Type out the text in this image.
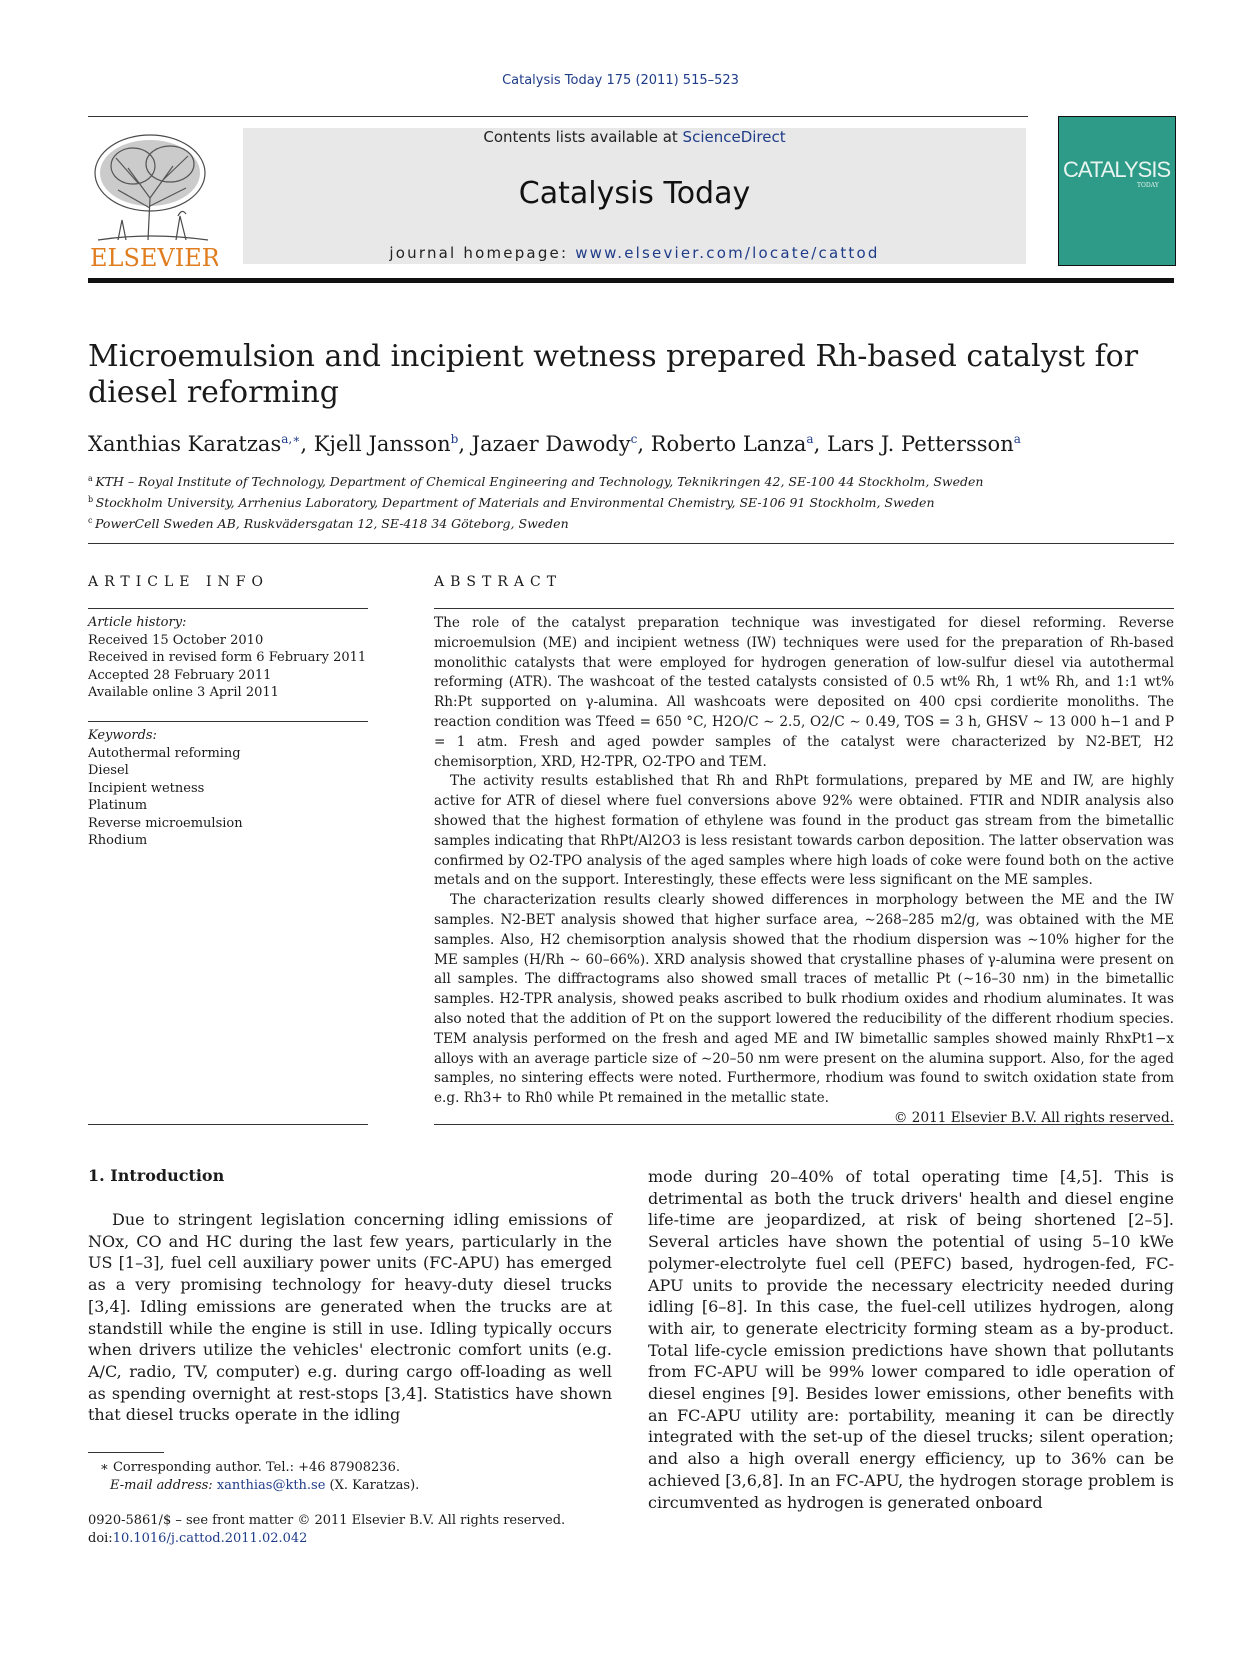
Catalysis Today 175 (2011) 515–523
ELSEVIER
Contents lists available at ScienceDirect
Catalysis Today
journal homepage: www.elsevier.com/locate/cattod
CATALYSIS
TODAY
Microemulsion and incipient wetness prepared Rh-based catalyst for diesel reforming
Xanthias Karatzas$^{a,∗}$, Kjell Jansson$^b$, Jazaer Dawody$^c$, Roberto Lanza$^a$, Lars J. Pettersson$^a$
$^a$ KTH – Royal Institute of Technology, Department of Chemical Engineering and Technology, Teknikringen 42, SE-100 44 Stockholm, Sweden
$^b$ Stockholm University, Arrhenius Laboratory, Department of Materials and Environmental Chemistry, SE-106 91 Stockholm, Sweden
$^c$ PowerCell Sweden AB, Ruskvädersgatan 12, SE-418 34 Göteborg, Sweden
ARTICLE INFO	ABSTRACT
Article history:
Received 15 October 2010
Received in revised form 6 February 2011
Accepted 28 February 2011
Available online 3 April 2011
Keywords:
Autothermal reforming
Diesel
Incipient wetness
Platinum
Reverse microemulsion
Rhodium

The role of the catalyst preparation technique was investigated for diesel reforming. Reverse microemulsion (ME) and incipient wetness (IW) techniques were used for the preparation of Rh-based monolithic catalysts that were employed for hydrogen generation of low-sulfur diesel via autothermal reforming (ATR). The washcoat of the tested catalysts consisted of 0.5 wt% Rh, 1 wt% Rh, and 1:1 wt% Rh:Pt supported on γ-alumina. All washcoats were deposited on 400 cpsi cordierite monoliths. The reaction condition was Tfeed = 650 °C, H2O/C ∼ 2.5, O2/C ∼ 0.49, TOS = 3 h, GHSV ∼ 13 000 h−1 and P = 1 atm. Fresh and aged powder samples of the catalyst were characterized by N2-BET, H2 chemisorption, XRD, H2-TPR, O2-TPO and TEM.

The activity results established that Rh and RhPt formulations, prepared by ME and IW, are highly active for ATR of diesel where fuel conversions above 92% were obtained. FTIR and NDIR analysis also showed that the highest formation of ethylene was found in the product gas stream from the bimetallic samples indicating that RhPt/Al2O3 is less resistant towards carbon deposition. The latter observation was confirmed by O2-TPO analysis of the aged samples where high loads of coke were found both on the active metals and on the support. Interestingly, these effects were less significant on the ME samples.

The characterization results clearly showed differences in morphology between the ME and the IW samples. N2-BET analysis showed that higher surface area, ∼268–285 m2/g, was obtained with the ME samples. Also, H2 chemisorption analysis showed that the rhodium dispersion was ∼10% higher for the ME samples (H/Rh ∼ 60–66%). XRD analysis showed that crystalline phases of γ-alumina were present on all samples. The diffractograms also showed small traces of metallic Pt (∼16–30 nm) in the bimetallic samples. H2-TPR analysis, showed peaks ascribed to bulk rhodium oxides and rhodium aluminates. It was also noted that the addition of Pt on the support lowered the reducibility of the different rhodium species. TEM analysis performed on the fresh and aged ME and IW bimetallic samples showed mainly RhxPt1−x alloys with an average particle size of ∼20–50 nm were present on the alumina support. Also, for the aged samples, no sintering effects were noted. Furthermore, rhodium was found to switch oxidation state from e.g. Rh3+ to Rh0 while Pt remained in the metallic state.

© 2011 Elsevier B.V. All rights reserved.
1. Introduction
Due to stringent legislation concerning idling emissions of NOx, CO and HC during the last few years, particularly in the US [1–3], fuel cell auxiliary power units (FC-APU) has emerged as a very promising technology for heavy-duty diesel trucks [3,4]. Idling emissions are generated when the trucks are at standstill while the engine is still in use. Idling typically occurs when drivers utilize the vehicles' electronic comfort units (e.g. A/C, radio, TV, computer) e.g. during cargo off-loading as well as spending overnight at rest-stops [3,4]. Statistics have shown that diesel trucks operate in the idling
mode during 20–40% of total operating time [4,5]. This is detrimental as both the truck drivers' health and diesel engine life-time are jeopardized, at risk of being shortened [2–5]. Several articles have shown the potential of using 5–10 kWe polymer-electrolyte fuel cell (PEFC) based, hydrogen-fed, FC-APU units to provide the necessary electricity needed during idling [6–8]. In this case, the fuel-cell utilizes hydrogen, along with air, to generate electricity forming steam as a by-product. Total life-cycle emission predictions have shown that pollutants from FC-APU will be 99% lower compared to idle operation of diesel engines [9]. Besides lower emissions, other benefits with an FC-APU utility are: portability, meaning it can be directly integrated with the set-up of the diesel trucks; silent operation; and also a high overall energy efficiency, up to 36% can be achieved [3,6,8]. In an FC-APU, the hydrogen storage problem is circumvented as hydrogen is generated onboard
∗ Corresponding author. Tel.: +46 87908236.
E-mail address: xanthias@kth.se (X. Karatzas).
0920-5861/$ – see front matter © 2011 Elsevier B.V. All rights reserved.
doi:10.1016/j.cattod.2011.02.042
